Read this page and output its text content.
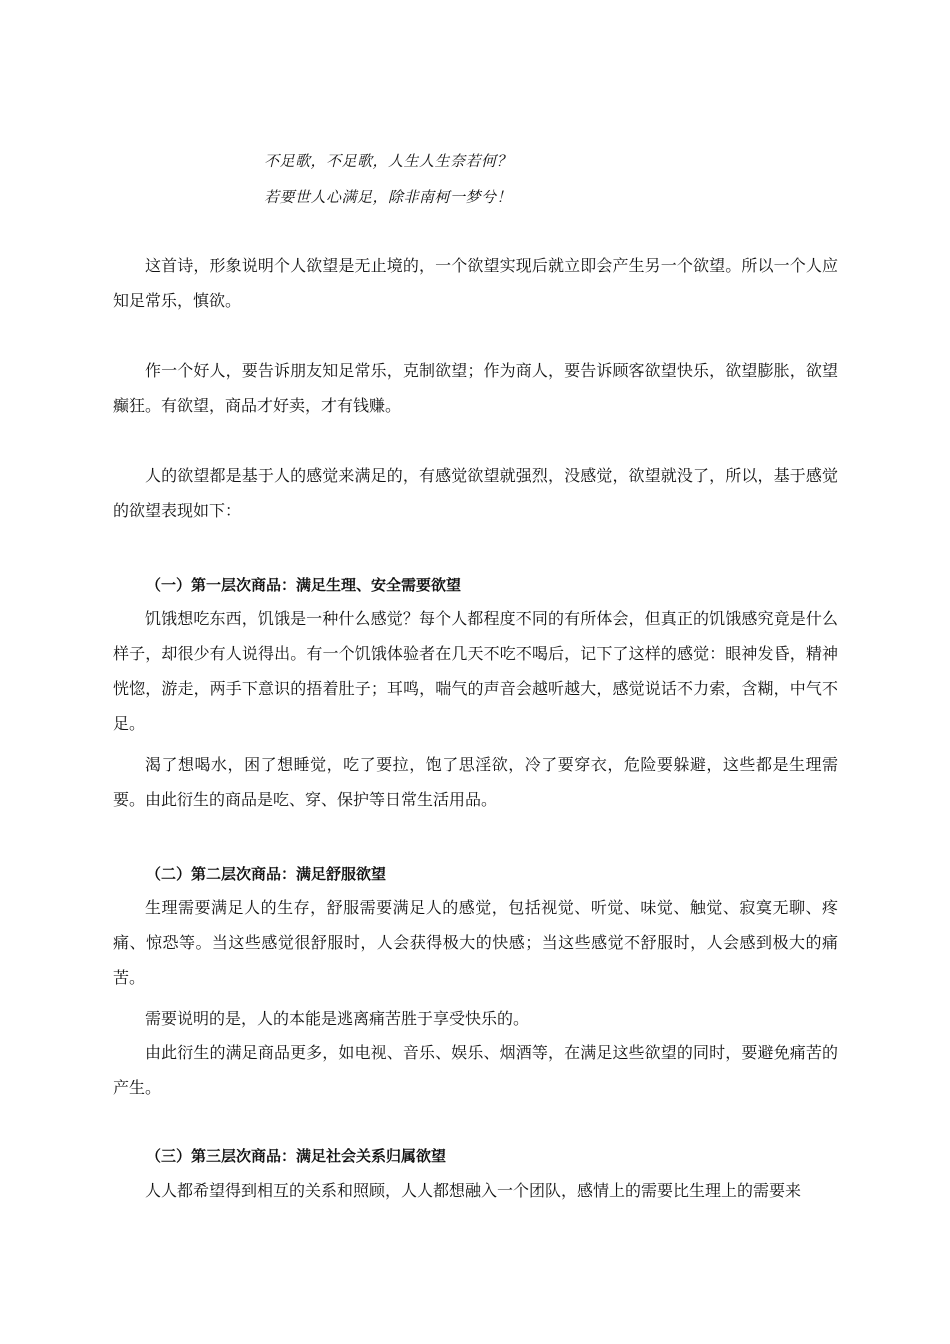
不足歌，不足歌，人生人生奈若何？
若要世人心满足，除非南柯一梦兮！

这首诗，形象说明个人欲望是无止境的，一个欲望实现后就立即会产生另一个欲望。所以一个人应知足常乐，慎欲。

作一个好人，要告诉朋友知足常乐，克制欲望；作为商人，要告诉顾客欲望快乐，欲望膨胀，欲望癫狂。有欲望，商品才好卖，才有钱赚。

人的欲望都是基于人的感觉来满足的，有感觉欲望就强烈，没感觉，欲望就没了，所以，基于感觉的欲望表现如下：

（一）第一层次商品：满足生理、安全需要欲望

饥饿想吃东西，饥饿是一种什么感觉？每个人都程度不同的有所体会，但真正的饥饿感究竟是什么样子，却很少有人说得出。有一个饥饿体验者在几天不吃不喝后，记下了这样的感觉：眼神发昏，精神恍惚，游走，两手下意识的捂着肚子；耳鸣，喘气的声音会越听越大，感觉说话不力索，含糊，中气不足。

渴了想喝水，困了想睡觉，吃了要拉，饱了思淫欲，冷了要穿衣，危险要躲避，这些都是生理需要。由此衍生的商品是吃、穿、保护等日常生活用品。

（二）第二层次商品：满足舒服欲望

生理需要满足人的生存，舒服需要满足人的感觉，包括视觉、听觉、味觉、触觉、寂寞无聊、疼痛、惊恐等。当这些感觉很舒服时，人会获得极大的快感；当这些感觉不舒服时，人会感到极大的痛苦。

需要说明的是，人的本能是逃离痛苦胜于享受快乐的。

由此衍生的满足商品更多，如电视、音乐、娱乐、烟酒等，在满足这些欲望的同时，要避免痛苦的产生。

（三）第三层次商品：满足社会关系归属欲望

人人都希望得到相互的关系和照顾，人人都想融入一个团队，感情上的需要比生理上的需要来
